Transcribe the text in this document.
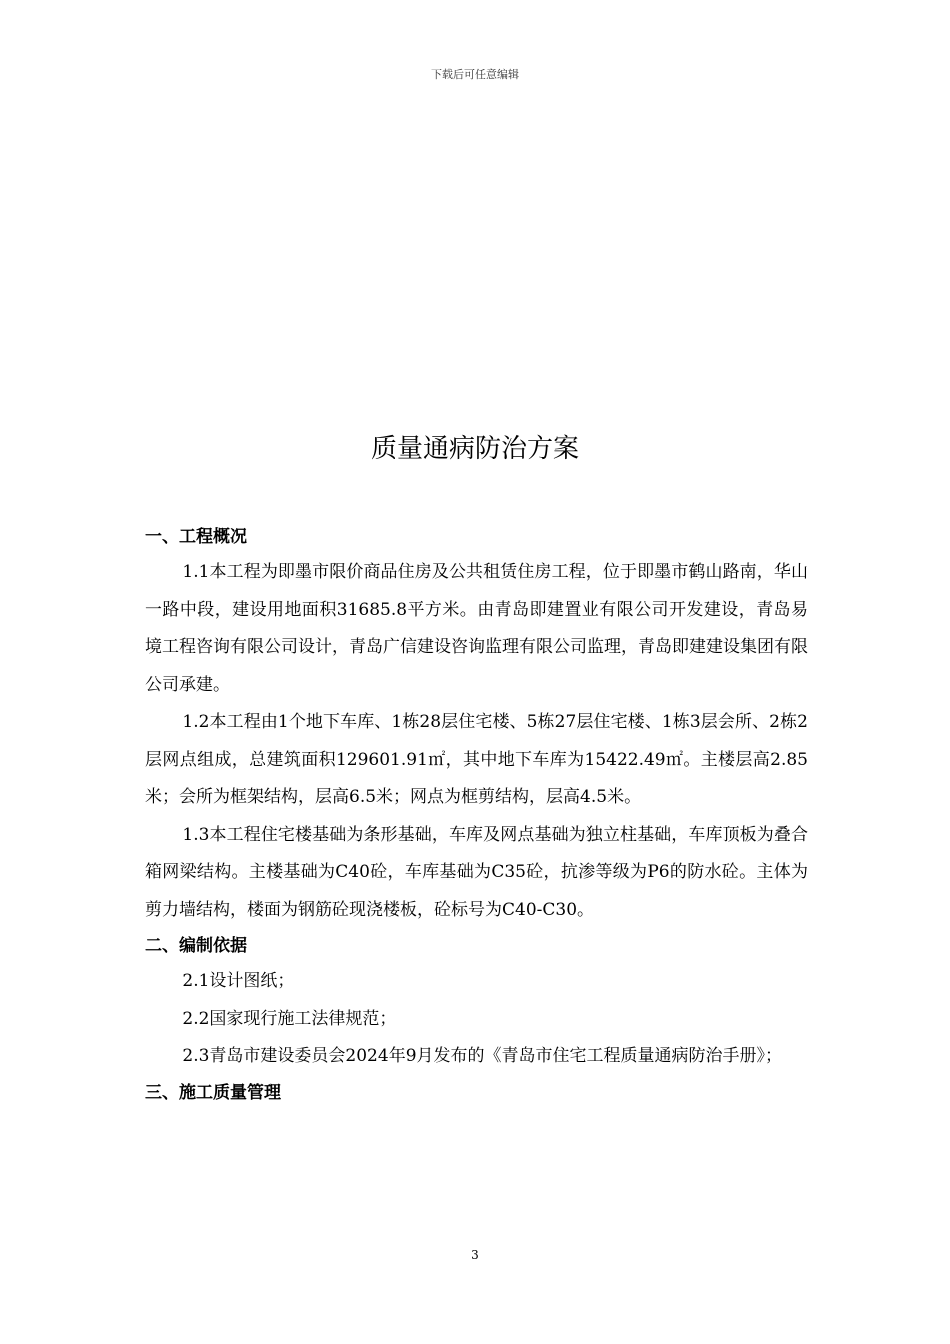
下载后可任意编辑
质量通病防治方案

一、工程概况

1.1本工程为即墨市限价商品住房及公共租赁住房工程，位于即墨市鹤山路南，华山一路中段，建设用地面积31685.8平方米。由青岛即建置业有限公司开发建设，青岛易境工程咨询有限公司设计，青岛广信建设咨询监理有限公司监理，青岛即建建设集团有限公司承建。

1.2本工程由1个地下车库、1栋28层住宅楼、5栋27层住宅楼、1栋3层会所、2栋2层网点组成，总建筑面积129601.91㎡，其中地下车库为15422.49㎡。主楼层高2.85米；会所为框架结构，层高6.5米；网点为框剪结构，层高4.5米。

1.3本工程住宅楼基础为条形基础，车库及网点基础为独立柱基础，车库顶板为叠合箱网梁结构。主楼基础为C40砼，车库基础为C35砼，抗渗等级为P6的防水砼。主体为剪力墙结构，楼面为钢筋砼现浇楼板，砼标号为C40-C30。

二、编制依据

2.1设计图纸；

2.2国家现行施工法律规范；

2.3青岛市建设委员会2024年9月发布的《青岛市住宅工程质量通病防治手册》；

三、施工质量管理

3
